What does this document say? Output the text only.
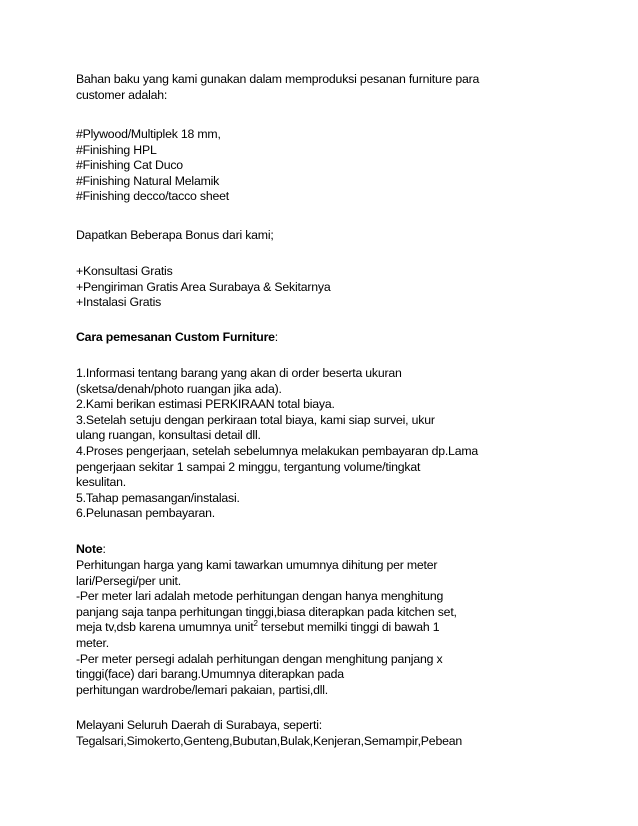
Bahan baku yang kami gunakan dalam memproduksi pesanan furniture para
customer adalah:

#Plywood/Multiplek 18 mm,
#Finishing HPL
#Finishing Cat Duco
#Finishing Natural Melamik
#Finishing decco/tacco sheet

Dapatkan Beberapa Bonus dari kami;

+Konsultasi Gratis
+Pengiriman Gratis Area Surabaya & Sekitarnya
+Instalasi Gratis

Cara pemesanan Custom Furniture:

1.Informasi tentang barang yang akan di order beserta ukuran
(sketsa/denah/photo ruangan jika ada).
2.Kami berikan estimasi PERKIRAAN total biaya.
3.Setelah setuju dengan perkiraan total biaya, kami siap survei, ukur
ulang ruangan, konsultasi detail dll.
4.Proses pengerjaan, setelah sebelumnya melakukan pembayaran dp.Lama
pengerjaan sekitar 1 sampai 2 minggu, tergantung volume/tingkat
kesulitan.
5.Tahap pemasangan/instalasi.
6.Pelunasan pembayaran.

Note:

Perhitungan harga yang kami tawarkan umumnya dihitung per meter
lari/Persegi/per unit.
-Per meter lari adalah metode perhitungan dengan hanya menghitung
panjang saja tanpa perhitungan tinggi,biasa diterapkan pada kitchen set,
meja tv,dsb karena umumnya unit$^2$ tersebut memilki tinggi di bawah 1
meter.
-Per meter persegi adalah perhitungan dengan menghitung panjang x
tinggi(face) dari barang.Umumnya diterapkan pada
perhitungan wardrobe/lemari pakaian, partisi,dll.

Melayani Seluruh Daerah di Surabaya, seperti:

Tegalsari,Simokerto,Genteng,Bubutan,Bulak,Kenjeran,Semampir,Pebean
